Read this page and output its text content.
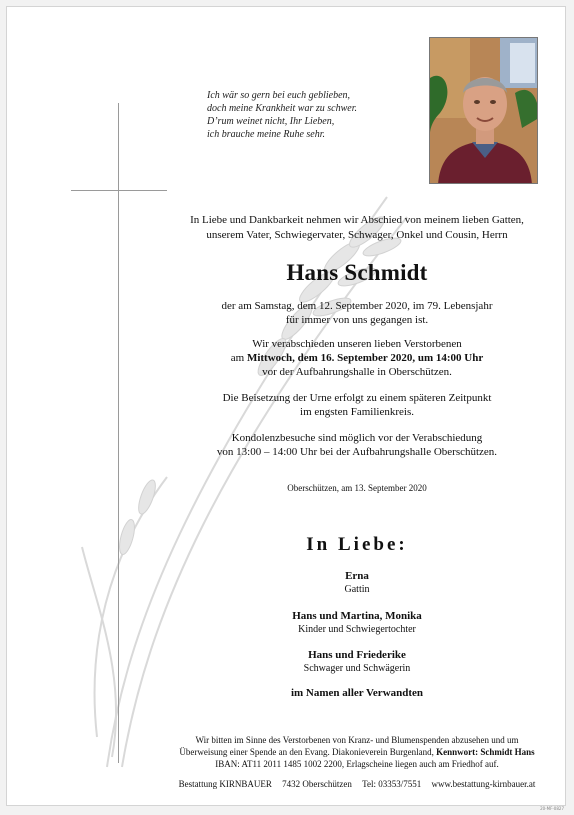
Ich wär so gern bei euch geblieben,
doch meine Krankheit war zu schwer.
D’rum weinet nicht, Ihr Lieben,
ich brauche meine Ruhe sehr.
In Liebe und Dankbarkeit nehmen wir Abschied von meinem lieben Gatten,
unserem Vater, Schwiegervater, Schwager, Onkel und Cousin, Herrn
Hans Schmidt
der am Samstag, dem 12. September 2020, im 79. Lebensjahr
für immer von uns gegangen ist.
Wir verabschieden unseren lieben Verstorbenen
am Mittwoch, dem 16. September 2020, um 14:00 Uhr
vor der Aufbahrungshalle in Oberschützen.
Die Beisetzung der Urne erfolgt zu einem späteren Zeitpunkt
im engsten Familienkreis.
Kondolenzbesuche sind möglich vor der Verabschiedung
von 13:00 – 14:00 Uhr bei der Aufbahrungshalle Oberschützen.
Oberschützen, am 13. September 2020
In Liebe:
Erna
Gattin
Hans und Martina, Monika
Kinder und Schwiegertochter
Hans und Friederike
Schwager und Schwägerin
im Namen aller Verwandten
Wir bitten im Sinne des Verstorbenen von Kranz- und Blumenspenden abzusehen und um
Überweisung einer Spende an den Evang. Diakonieverein Burgenland, Kennwort: Schmidt Hans
IBAN: AT11 2011 1485 1002 2200, Erlagscheine liegen auch am Friedhof auf.
Bestattung KIRNBAUER 7432 Oberschützen Tel: 03353/7551 www.bestattung-kirnbauer.at
20-MF-0827
